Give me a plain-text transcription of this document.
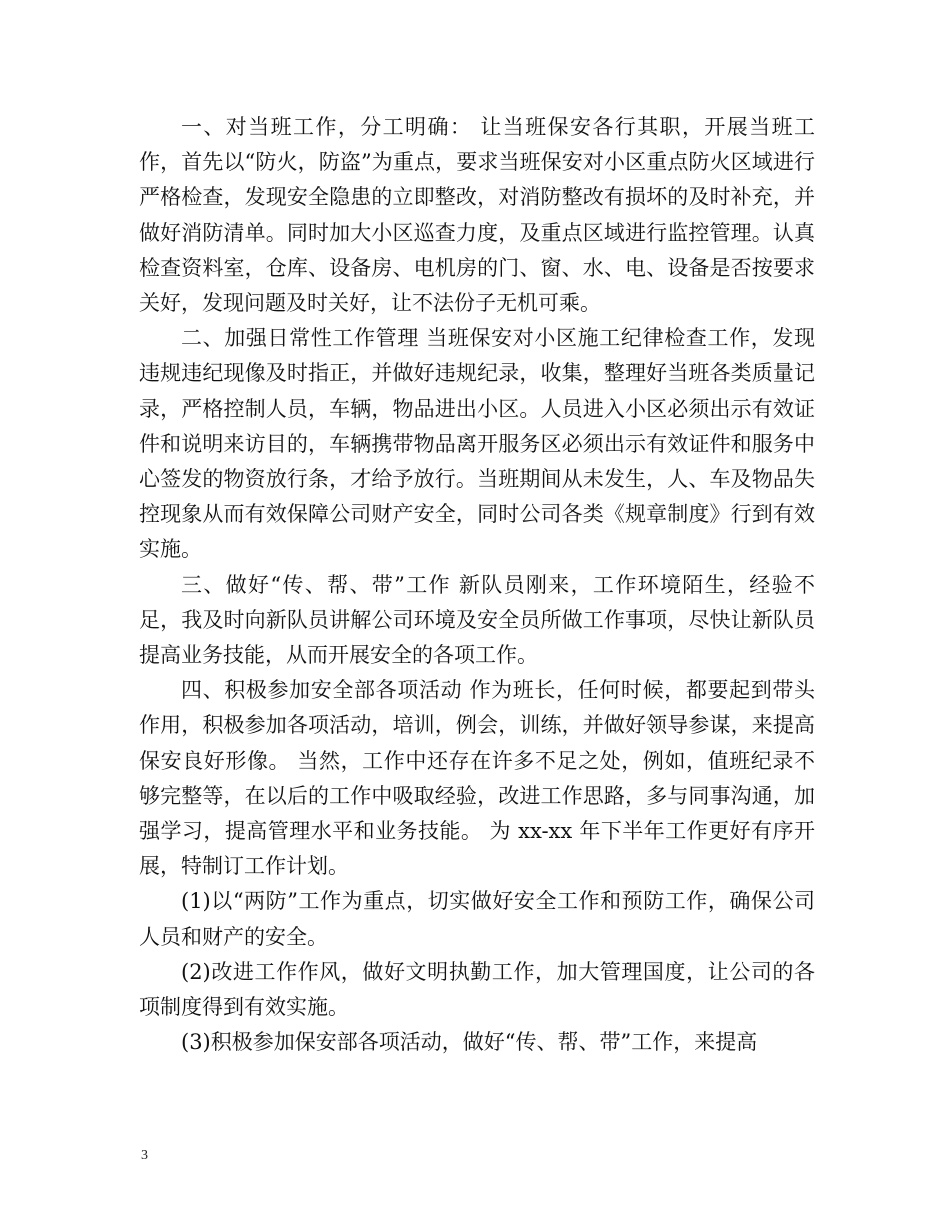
一、对当班工作，分工明确： 让当班保安各行其职，开展当班工作，首先以“防火，防盗”为重点，要求当班保安对小区重点防火区域进行严格检查，发现安全隐患的立即整改，对消防整改有损坏的及时补充，并做好消防清单。同时加大小区巡查力度，及重点区域进行监控管理。认真检查资料室，仓库、设备房、电机房的门、窗、水、电、设备是否按要求关好，发现问题及时关好，让不法份子无机可乘。

二、加强日常性工作管理 当班保安对小区施工纪律检查工作，发现违规违纪现像及时指正，并做好违规纪录，收集，整理好当班各类质量记录，严格控制人员，车辆，物品进出小区。人员进入小区必须出示有效证件和说明来访目的，车辆携带物品离开服务区必须出示有效证件和服务中心签发的物资放行条，才给予放行。当班期间从未发生，人、车及物品失控现象从而有效保障公司财产安全，同时公司各类《规章制度》行到有效实施。

三、做好“传、帮、带”工作 新队员刚来，工作环境陌生，经验不足，我及时向新队员讲解公司环境及安全员所做工作事项，尽快让新队员提高业务技能，从而开展安全的各项工作。

四、积极参加安全部各项活动 作为班长，任何时候，都要起到带头作用，积极参加各项活动，培训，例会，训练，并做好领导参谋，来提高保安良好形像。 当然，工作中还存在许多不足之处，例如，值班纪录不够完整等，在以后的工作中吸取经验，改进工作思路，多与同事沟通，加强学习，提高管理水平和业务技能。 为 xx-xx 年下半年工作更好有序开展，特制订工作计划。

(1)以“两防”工作为重点，切实做好安全工作和预防工作，确保公司人员和财产的安全。

(2)改进工作作风，做好文明执勤工作，加大管理国度，让公司的各项制度得到有效实施。

(3)积极参加保安部各项活动，做好“传、帮、带”工作，来提高

3
